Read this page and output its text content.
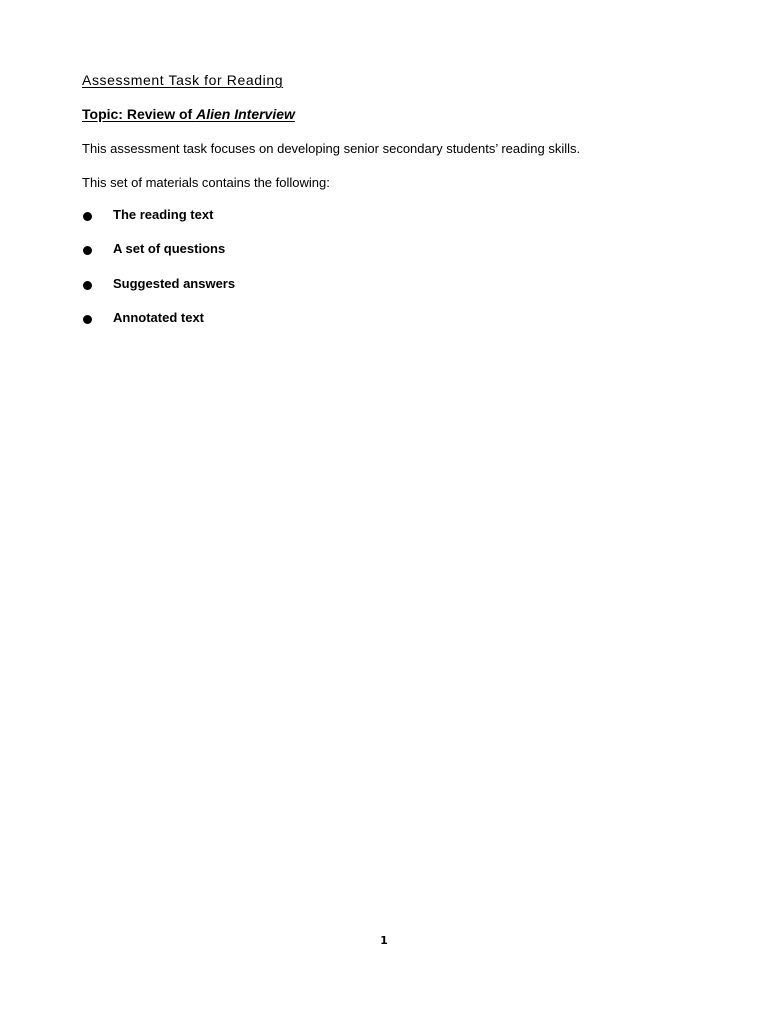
Assessment Task for Reading
Topic: Review of Alien Interview
This assessment task focuses on developing senior secondary students’ reading skills.
This set of materials contains the following:
The reading text
A set of questions
Suggested answers
Annotated text
1
